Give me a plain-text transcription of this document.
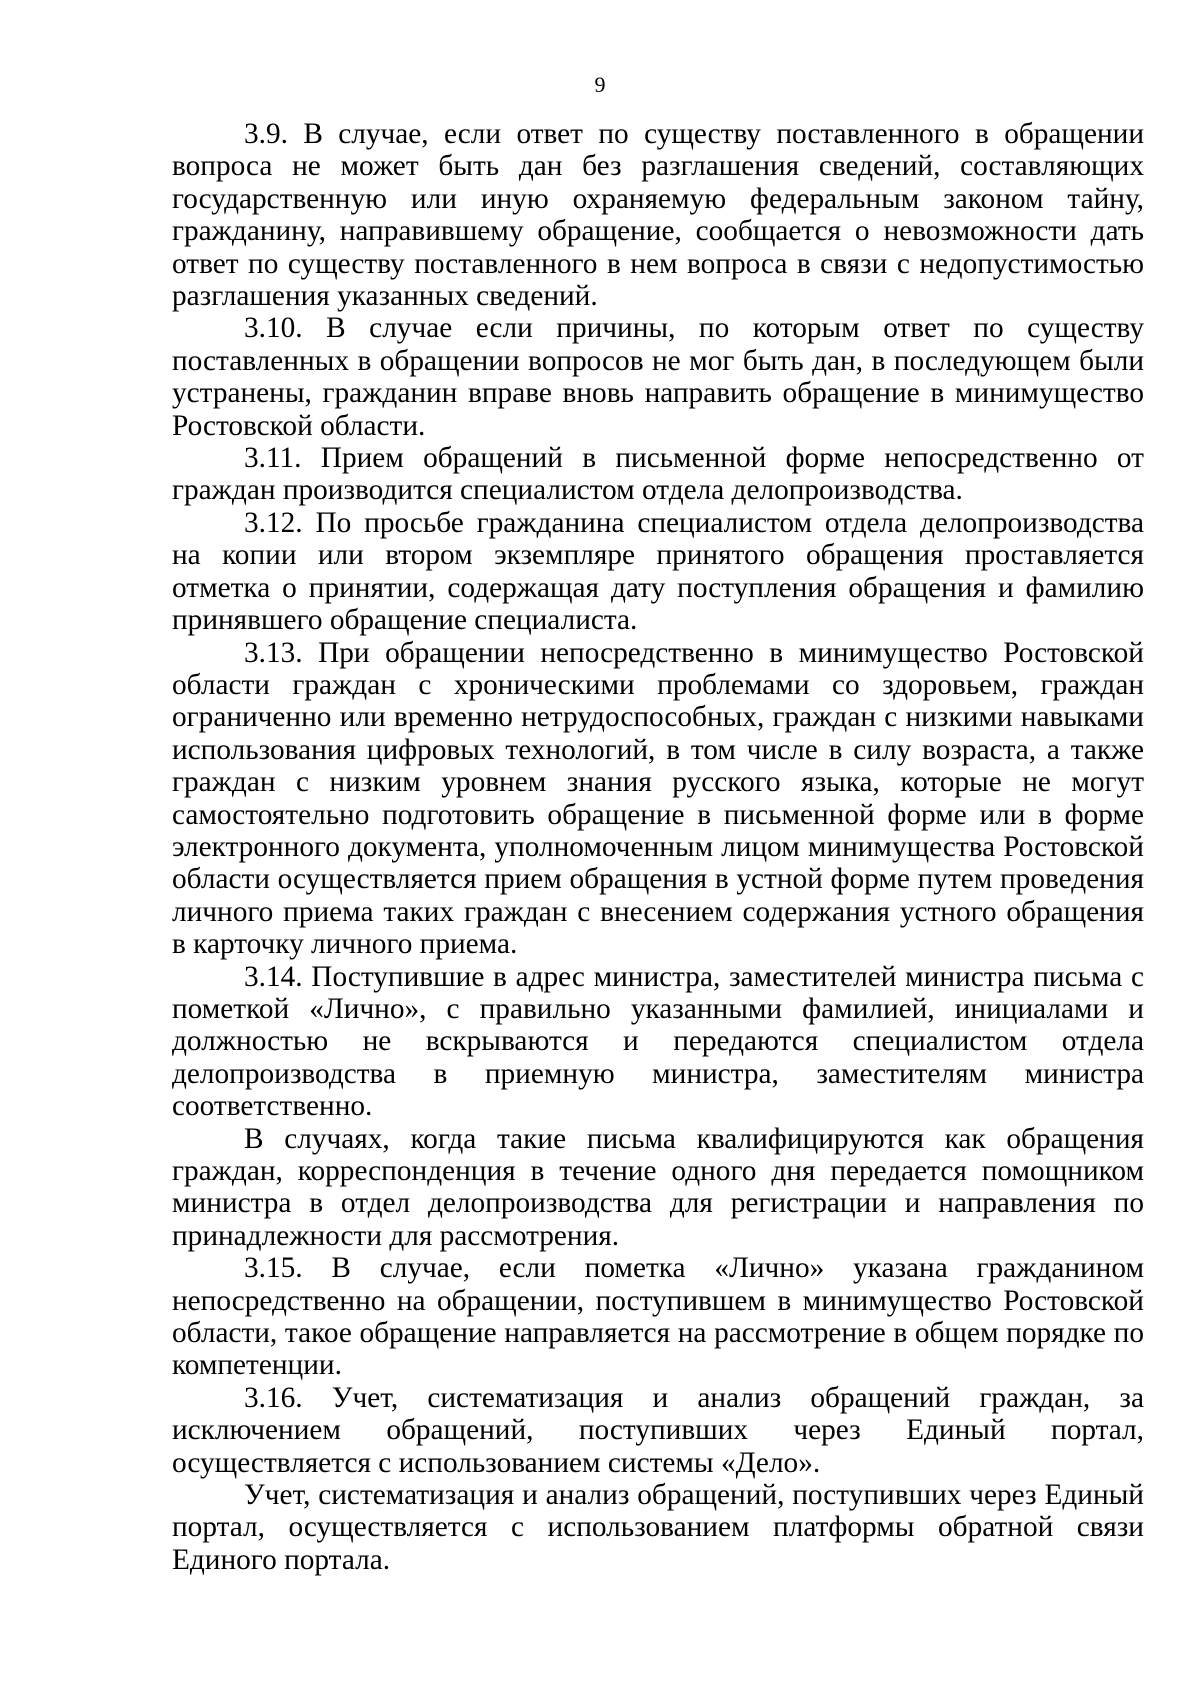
9

3.9. В случае, если ответ по существу поставленного в обращении вопроса не может быть дан без разглашения сведений, составляющих государственную или иную охраняемую федеральным законом тайну, гражданину, направившему обращение, сообщается о невозможности дать ответ по существу поставленного в нем вопроса в связи с недопустимостью разглашения указанных сведений.

3.10. В случае если причины, по которым ответ по существу поставленных в обращении вопросов не мог быть дан, в последующем были устранены, гражданин вправе вновь направить обращение в минимущество Ростовской области.

3.11. Прием обращений в письменной форме непосредственно от граждан производится специалистом отдела делопроизводства.

3.12. По просьбе гражданина специалистом отдела делопроизводства на копии или втором экземпляре принятого обращения проставляется отметка о принятии, содержащая дату поступления обращения и фамилию принявшего обращение специалиста.

3.13. При обращении непосредственно в минимущество Ростовской области граждан с хроническими проблемами со здоровьем, граждан ограниченно или временно нетрудоспособных, граждан с низкими навыками использования цифровых технологий, в том числе в силу возраста, а также граждан с низким уровнем знания русского языка, которые не могут самостоятельно подготовить обращение в письменной форме или в форме электронного документа, уполномоченным лицом минимущества Ростовской области осуществляется прием обращения в устной форме путем проведения личного приема таких граждан с внесением содержания устного обращения в карточку личного приема.

3.14. Поступившие в адрес министра, заместителей министра письма с пометкой «Лично», с правильно указанными фамилией, инициалами и должностью не вскрываются и передаются специалистом отдела делопроизводства в приемную министра, заместителям министра соответственно.

В случаях, когда такие письма квалифицируются как обращения граждан, корреспонденция в течение одного дня передается помощником министра в отдел делопроизводства для регистрации и направления по принадлежности для рассмотрения.

3.15. В случае, если пометка «Лично» указана гражданином непосредственно на обращении, поступившем в минимущество Ростовской области, такое обращение направляется на рассмотрение в общем порядке по компетенции.

3.16. Учет, систематизация и анализ обращений граждан, за исключением обращений, поступивших через Единый портал, осуществляется с использованием системы «Дело».

Учет, систематизация и анализ обращений, поступивших через Единый портал, осуществляется с использованием платформы обратной связи Единого портала.
